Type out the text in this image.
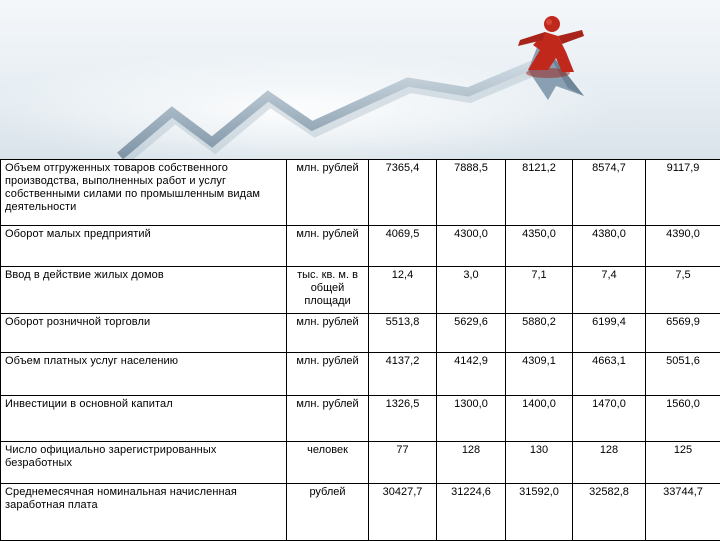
Объем отгруженных товаров собственного производства, выполненных работ и услуг собственными силами по промышленным видам деятельности	млн. рублей	7365,4	7888,5	8121,2	8574,7	9117,9
Оборот малых предприятий	млн. рублей	4069,5	4300,0	4350,0	4380,0	4390,0
Ввод в действие жилых домов	тыс. кв. м. в общей площади	12,4	3,0	7,1	7,4	7,5
Оборот розничной торговли	млн. рублей	5513,8	5629,6	5880,2	6199,4	6569,9
Объем платных услуг населению	млн. рублей	4137,2	4142,9	4309,1	4663,1	5051,6
Инвестиции в основной капитал	млн. рублей	1326,5	1300,0	1400,0	1470,0	1560,0
Число официально зарегистрированных безработных	человек	77	128	130	128	125
Среднемесячная номинальная начисленная заработная плата	рублей	30427,7	31224,6	31592,0	32582,8	33744,7
